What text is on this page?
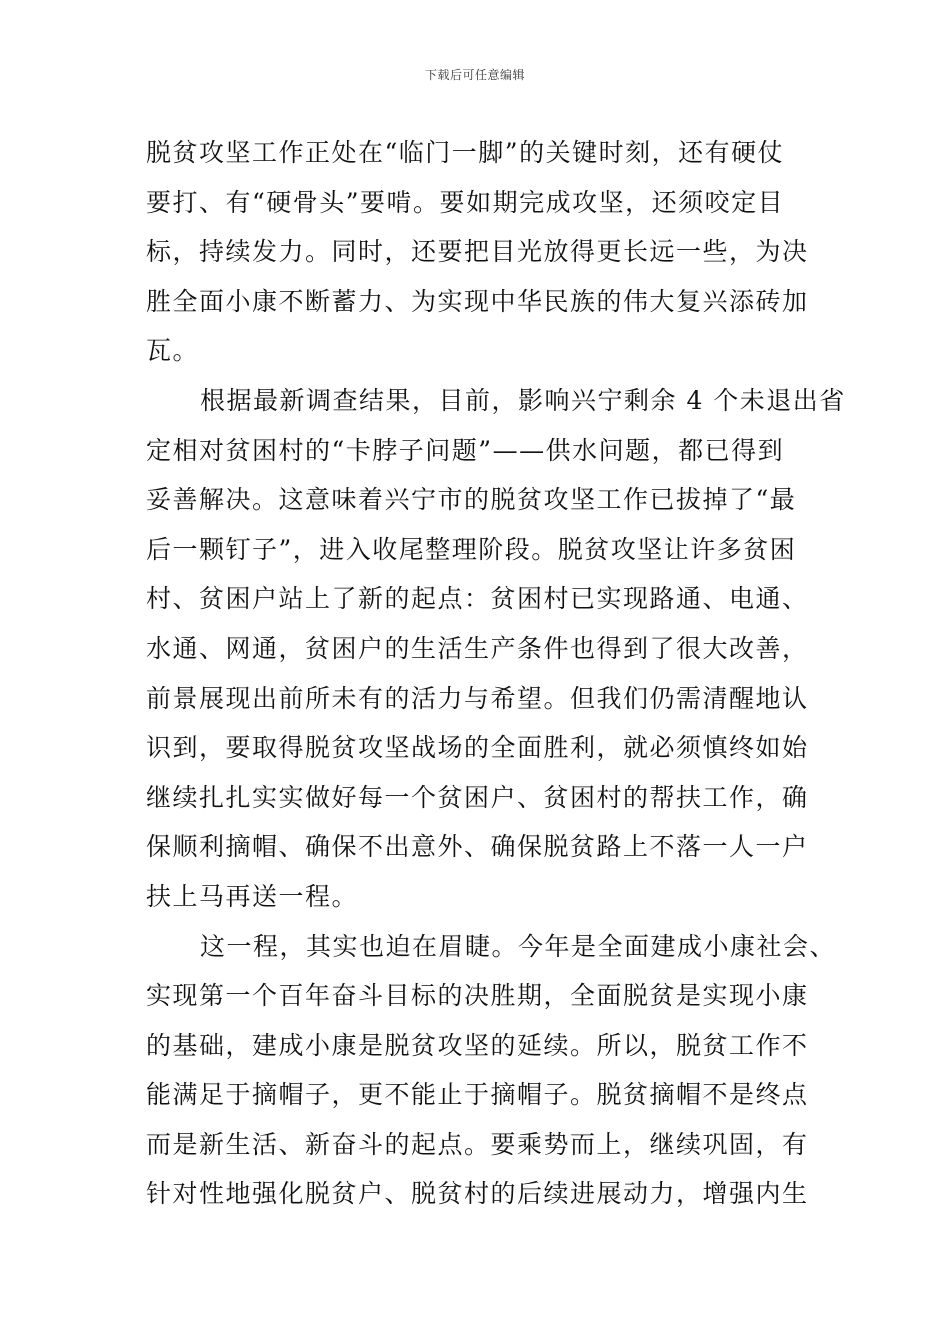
下载后可任意编辑
脱贫攻坚工作正处在“临门一脚”的关键时刻，还有硬仗
要打、有“硬骨头”要啃。要如期完成攻坚，还须咬定目
标，持续发力。同时，还要把目光放得更长远一些，为决
胜全面小康不断蓄力、为实现中华民族的伟大复兴添砖加
瓦。
根据最新调查结果，目前，影响兴宁剩余 4 个未退出省
定相对贫困村的“卡脖子问题”——供水问题，都已得到
妥善解决。这意味着兴宁市的脱贫攻坚工作已拔掉了“最
后一颗钉子”，进入收尾整理阶段。脱贫攻坚让许多贫困
村、贫困户站上了新的起点：贫困村已实现路通、电通、
水通、网通，贫困户的生活生产条件也得到了很大改善，
前景展现出前所未有的活力与希望。但我们仍需清醒地认
识到，要取得脱贫攻坚战场的全面胜利，就必须慎终如始
继续扎扎实实做好每一个贫困户、贫困村的帮扶工作，确
保顺利摘帽、确保不出意外、确保脱贫路上不落一人一户
扶上马再送一程。
这一程，其实也迫在眉睫。今年是全面建成小康社会、
实现第一个百年奋斗目标的决胜期，全面脱贫是实现小康
的基础，建成小康是脱贫攻坚的延续。所以，脱贫工作不
能满足于摘帽子，更不能止于摘帽子。脱贫摘帽不是终点
而是新生活、新奋斗的起点。要乘势而上，继续巩固，有
针对性地强化脱贫户、脱贫村的后续进展动力，增强内生
